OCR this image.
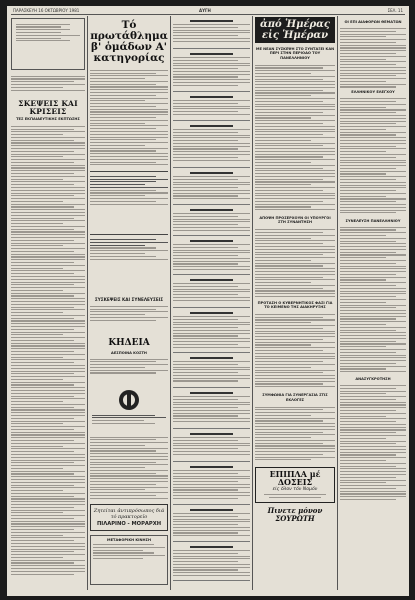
ΠΑΡΑΣΚΕΥΗ 16 ΟΚΤΩΒΡΙΟΥ 1981	ΑΥΓΗ	ΣΕΛ. 11
ΣΚΕΨΕΙΣ ΚΑΙ ΚΡΙΣΕΙΣ
ΤΕΣ ΕΚΠΑΙΔΕΥΤΙΚΗΣ ΕΚΠΤΩΣΗΣ
Τό πρωτάθλημα β' ὁμάδων Α' κατηγορίας
ΣΥΣΚΕΨΕΙΣ ΚΑΙ ΣΥΝΕΛΕΥΣΕΙΣ
ΚΗΔΕΙΑ
ΔΕΣΠΟΙΝΑ ΚΟΣΤΗ
Ζητείται ἀντιπρόσωπος διά τό πρακτορεῖο
ΠΙΛΑΡΙΝΟ - ΜΟΡΑΡΧΗ
ΜΕΤΑΦΟΡΙΚΗ ΚΙΝΗΣΗ
ἀπό Ἡμέρας εἰς Ἡμέραν
ΜΕ ΝΕΑΝ ΣΥΣΚΕΨΗ ΣΤΟ ΣΥΝΤΑΞΕΙ ΚΑΝ ΠΕΡΙ ΣΤΗΝ ΠΕΡΙΟΔΟ ΤΟΥ ΠΑΝΕΛΛΗΝΙΟΥ
ΑΠΟΨΗ ΠΡΟΣΕΡΧΟΥΝ ΟΙ ΥΠΟΥΡΓΟΙ ΣΤΗ ΣΥΝΑΝΤΗΣΗ
ΠΡΟΤΑΣΗ Ο ΚΥΒΕΡΝΗΤΙΚΟΣ ΦΑΣΙ ΓΙΑ ΤΟ ΚΕΙΜΕΝΟ ΤΗΣ ΔΙΑΚΗΡΥΞΗΣ
ΣΥΜΦΩΝΙΑ ΓΙΑ ΣΥΝΕΡΓΑΣΙΑ ΣΤΙΣ ΕΚΛΟΓΕΣ
ΕΠΙΠΛΑ μέ ΔΟΣΕΙΣ
εἰς ὅλον τόν Νομόν
Πινετε μόνον ΣΟΥΡΩΤΗ
ΟΙ ΕΠΙ ΔΙΑΦΟΡΩΝ ΘΕΜΑΤΩΝ
ΕΛΛΗΝΙΚΟΥ ΕΛΕΓΧΟΥ
ΣΥΝΕΛΕΥΣΗ ΠΑΝΕΛΛΗΝΙΟΥ
ΑΝΑΣΥΓΚΡΟΤΗΣΗ
